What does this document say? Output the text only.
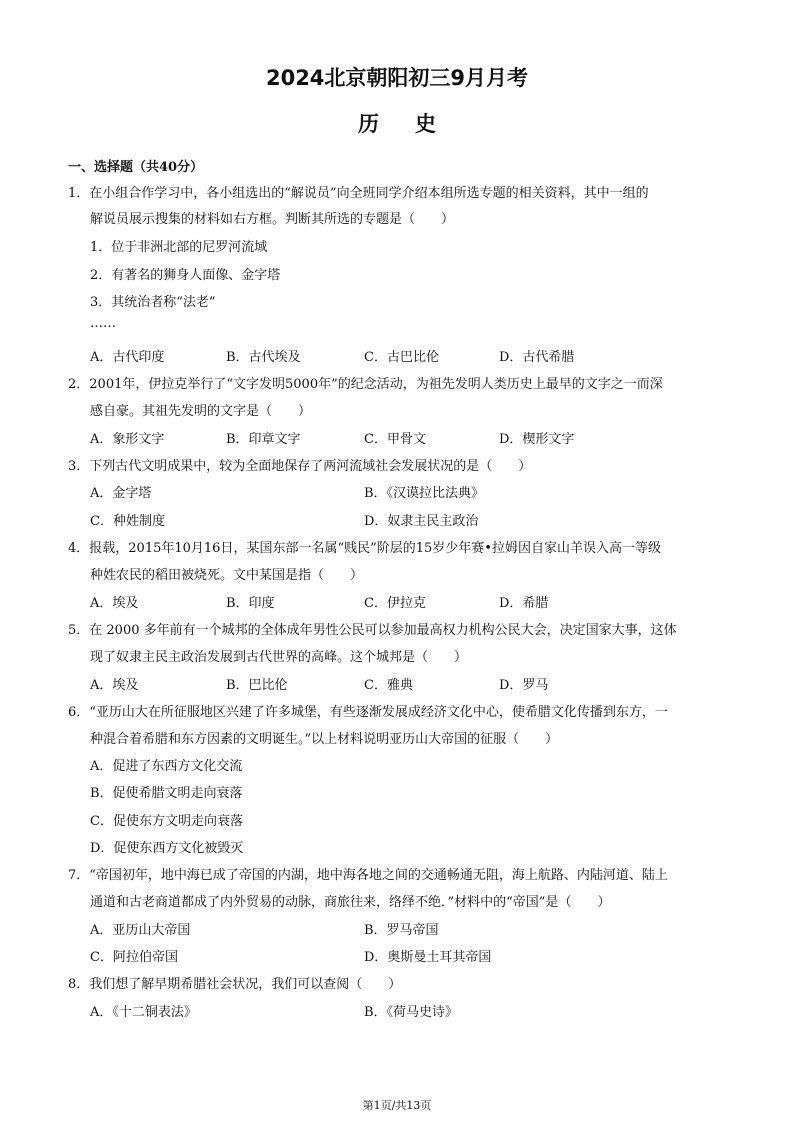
2024北京朝阳初三9月月考
历史
一、选择题（共40分）
1．在小组合作学习中，各小组选出的“解说员”向全班同学介绍本组所选专题的相关资料，其中一组的
解说员展示搜集的材料如右方框。判断其所选的专题是（　　）
1．位于非洲北部的尼罗河流域
2．有著名的狮身人面像、金字塔
3．其统治者称“法老”
……
A．古代印度	B．古代埃及	C．古巴比伦	D．古代希腊
2．2001年，伊拉克举行了“文字发明5000年”的纪念活动，为祖先发明人类历史上最早的文字之一而深
感自豪。其祖先发明的文字是（　　）
A．象形文字	B．印章文字	C．甲骨文	D．楔形文字
3．下列古代文明成果中，较为全面地保存了两河流域社会发展状况的是（　　）
A．金字塔	B．《汉谟拉比法典》
C．种姓制度	D．奴隶主民主政治
4．报载，2015年10月16日，某国东部一名属“贱民”阶层的15岁少年赛•拉姆因自家山羊误入高一等级
种姓农民的稻田被烧死。文中某国是指（　　）
A．埃及	B．印度	C．伊拉克	D．希腊
5．在 2000 多年前有一个城邦的全体成年男性公民可以参加最高权力机构公民大会，决定国家大事，这体
现了奴隶主民主政治发展到古代世界的高峰。这个城邦是（　　）
A．埃及	B．巴比伦	C．雅典	D．罗马
6．“亚历山大在所征服地区兴建了许多城堡，有些逐渐发展成经济文化中心，使希腊文化传播到东方，一
种混合着希腊和东方因素的文明诞生。”以上材料说明亚历山大帝国的征服（　　）
A．促进了东西方文化交流
B．促使希腊文明走向衰落
C．促使东方文明走向衰落
D．促使东西方文化被毁灭
7．“帝国初年，地中海已成了帝国的内湖，地中海各地之间的交通畅通无阻，海上航路、内陆河道、陆上
通道和古老商道都成了内外贸易的动脉，商旅往来，络绎不绝．”材料中的“帝国”是（　　）
A．亚历山大帝国	B．罗马帝国
C．阿拉伯帝国	D．奥斯曼土耳其帝国
8．我们想了解早期希腊社会状况，我们可以查阅（　　）
A．《十二铜表法》	B．《荷马史诗》
第1页/共13页
